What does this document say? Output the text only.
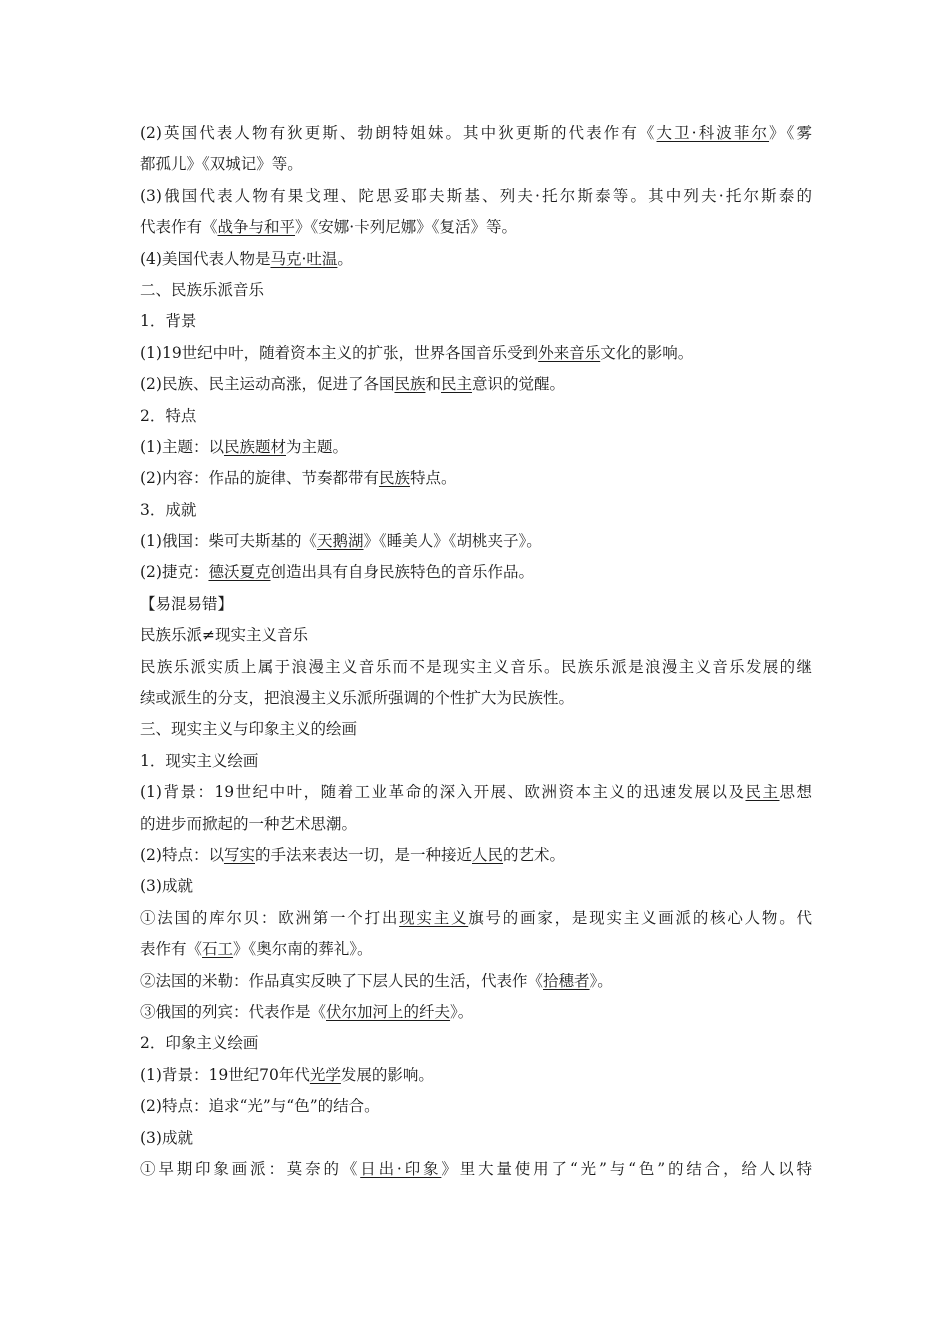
(2)英国代表人物有狄更斯、勃朗特姐妹。其中狄更斯的代表作有《大卫·科波菲尔》《雾
都孤儿》《双城记》等。
(3)俄国代表人物有果戈理、陀思妥耶夫斯基、列夫·托尔斯泰等。其中列夫·托尔斯泰的
代表作有《战争与和平》《安娜·卡列尼娜》《复活》等。
(4)美国代表人物是马克·吐温。
二、民族乐派音乐
1．背景
(1)19世纪中叶，随着资本主义的扩张，世界各国音乐受到外来音乐文化的影响。
(2)民族、民主运动高涨，促进了各国民族和民主意识的觉醒。
2．特点
(1)主题：以民族题材为主题。
(2)内容：作品的旋律、节奏都带有民族特点。
3．成就
(1)俄国：柴可夫斯基的《天鹅湖》《睡美人》《胡桃夹子》。
(2)捷克：德沃夏克创造出具有自身民族特色的音乐作品。
【易混易错】
民族乐派≠现实主义音乐
民族乐派实质上属于浪漫主义音乐而不是现实主义音乐。民族乐派是浪漫主义音乐发展的继
续或派生的分支，把浪漫主义乐派所强调的个性扩大为民族性。
三、现实主义与印象主义的绘画
1．现实主义绘画
(1)背景：19世纪中叶，随着工业革命的深入开展、欧洲资本主义的迅速发展以及民主思想
的进步而掀起的一种艺术思潮。
(2)特点：以写实的手法来表达一切，是一种接近人民的艺术。
(3)成就
①法国的库尔贝：欧洲第一个打出现实主义旗号的画家，是现实主义画派的核心人物。代
表作有《石工》《奥尔南的葬礼》。
②法国的米勒：作品真实反映了下层人民的生活，代表作《拾穗者》。
③俄国的列宾：代表作是《伏尔加河上的纤夫》。
2．印象主义绘画
(1)背景：19世纪70年代光学发展的影响。
(2)特点：追求“光”与“色”的结合。
(3)成就
①早期印象画派：莫奈的《日出·印象》里大量使用了“光”与“色”的结合，给人以特
